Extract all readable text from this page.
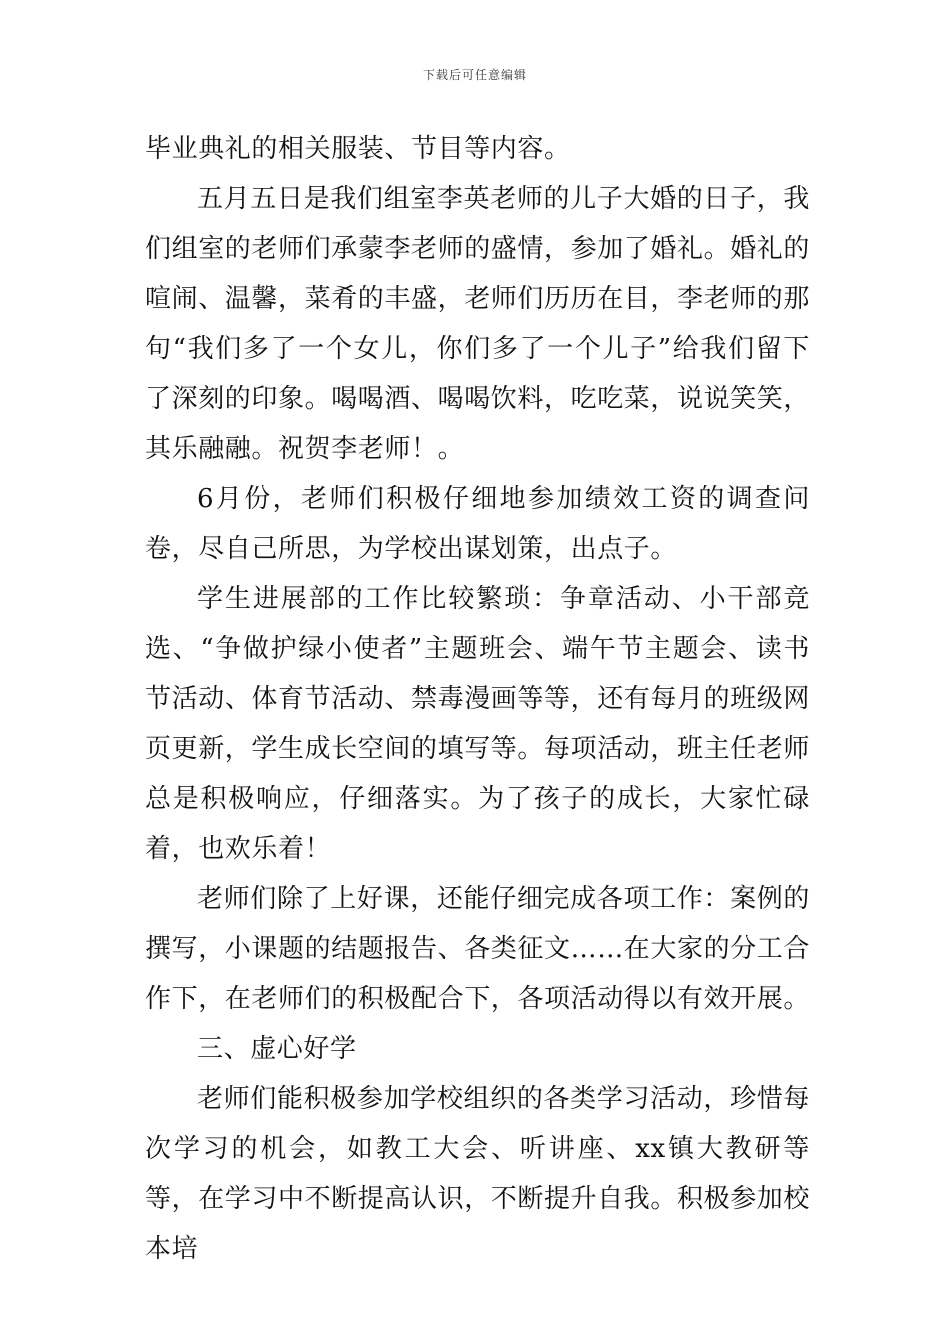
下载后可任意编辑

毕业典礼的相关服装、节目等内容。

五月五日是我们组室李英老师的儿子大婚的日子，我们组室的老师们承蒙李老师的盛情，参加了婚礼。婚礼的喧闹、温馨，菜肴的丰盛，老师们历历在目，李老师的那句“我们多了一个女儿，你们多了一个儿子”给我们留下了深刻的印象。喝喝酒、喝喝饮料，吃吃菜，说说笑笑，其乐融融。祝贺李老师！。

6月份，老师们积极仔细地参加绩效工资的调查问卷，尽自己所思，为学校出谋划策，出点子。

学生进展部的工作比较繁琐：争章活动、小干部竞选、“争做护绿小使者”主题班会、端午节主题会、读书节活动、体育节活动、禁毒漫画等等，还有每月的班级网页更新，学生成长空间的填写等。每项活动，班主任老师总是积极响应，仔细落实。为了孩子的成长，大家忙碌着，也欢乐着！

老师们除了上好课，还能仔细完成各项工作：案例的撰写，小课题的结题报告、各类征文……在大家的分工合作下，在老师们的积极配合下，各项活动得以有效开展。

三、虚心好学

老师们能积极参加学校组织的各类学习活动，珍惜每次学习的机会，如教工大会、听讲座、xx镇大教研等等，在学习中不断提高认识，不断提升自我。积极参加校本培
